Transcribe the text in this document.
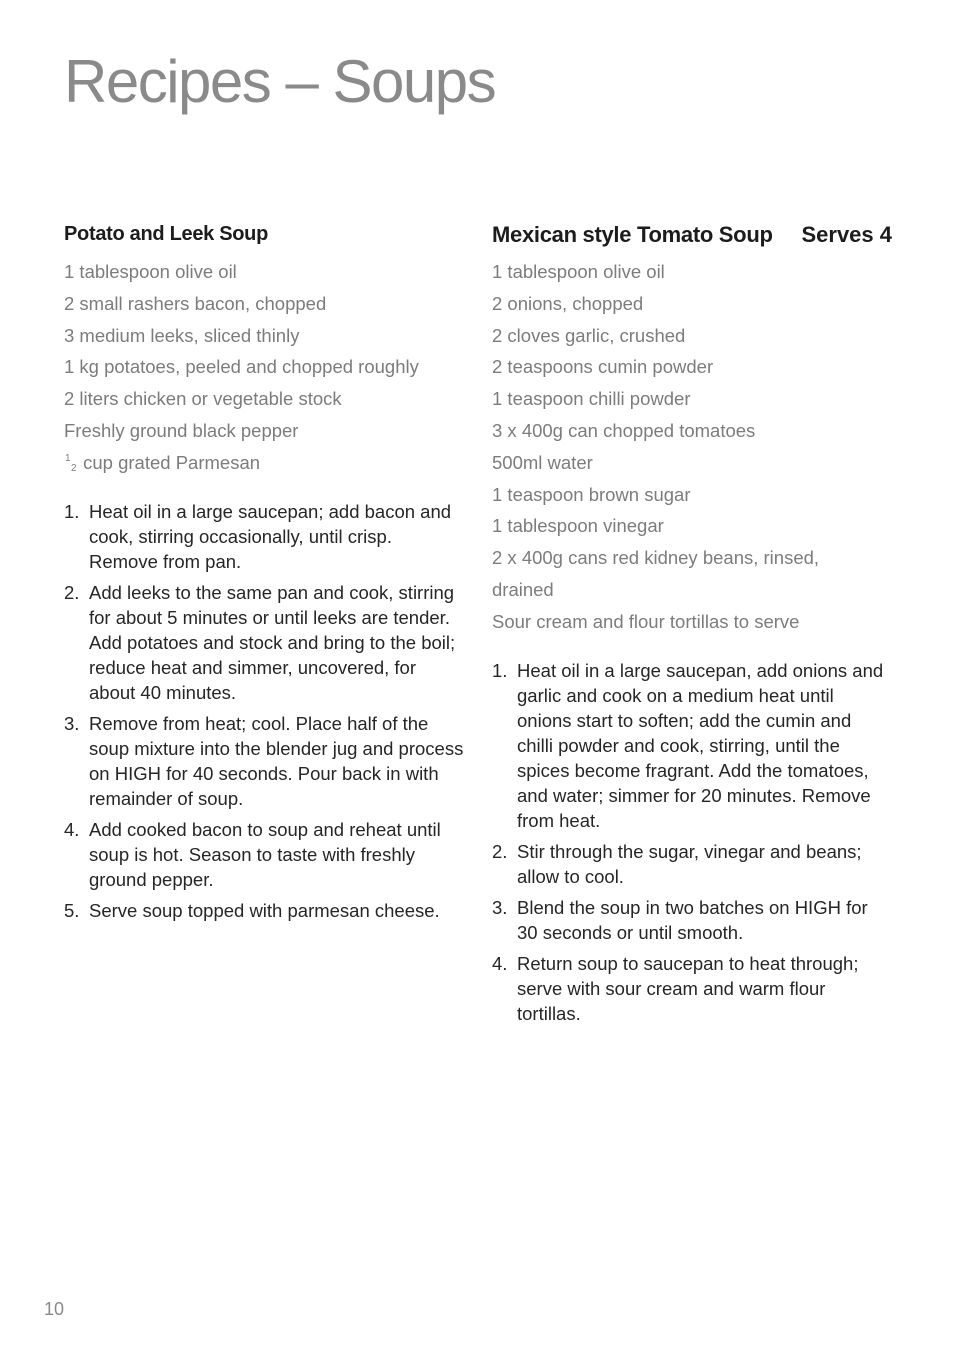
Recipes – Soups
Potato and Leek Soup
1 tablespoon olive oil
2 small rashers bacon, chopped
3 medium leeks, sliced thinly
1 kg potatoes, peeled and chopped roughly
2 liters chicken or vegetable stock
Freshly ground black pepper
1
2 cup grated Parmesan
1. Heat oil in a large saucepan; add bacon and cook, stirring occasionally, until crisp. Remove from pan.
2. Add leeks to the same pan and cook, stirring for about 5 minutes or until leeks are tender. Add potatoes and stock and bring to the boil; reduce heat and simmer, uncovered, for about 40 minutes.
3. Remove from heat; cool. Place half of the soup mixture into the blender jug and process on HIGH for 40 seconds. Pour back in with remainder of soup.
4. Add cooked bacon to soup and reheat until soup is hot. Season to taste with freshly ground pepper.
5. Serve soup topped with parmesan cheese.
Mexican style Tomato Soup Serves 4
1 tablespoon olive oil
2 onions, chopped
2 cloves garlic, crushed
2 teaspoons cumin powder
1 teaspoon chilli powder
3 x 400g can chopped tomatoes
500ml water
1 teaspoon brown sugar
1 tablespoon vinegar
2 x 400g cans red kidney beans, rinsed,
drained
Sour cream and flour tortillas to serve
1. Heat oil in a large saucepan, add onions and garlic and cook on a medium heat until onions start to soften; add the cumin and chilli powder and cook, stirring, until the spices become fragrant. Add the tomatoes, and water; simmer for 20 minutes. Remove from heat.
2. Stir through the sugar, vinegar and beans; allow to cool.
3. Blend the soup in two batches on HIGH for 30 seconds or until smooth.
4. Return soup to saucepan to heat through; serve with sour cream and warm flour tortillas.
10
